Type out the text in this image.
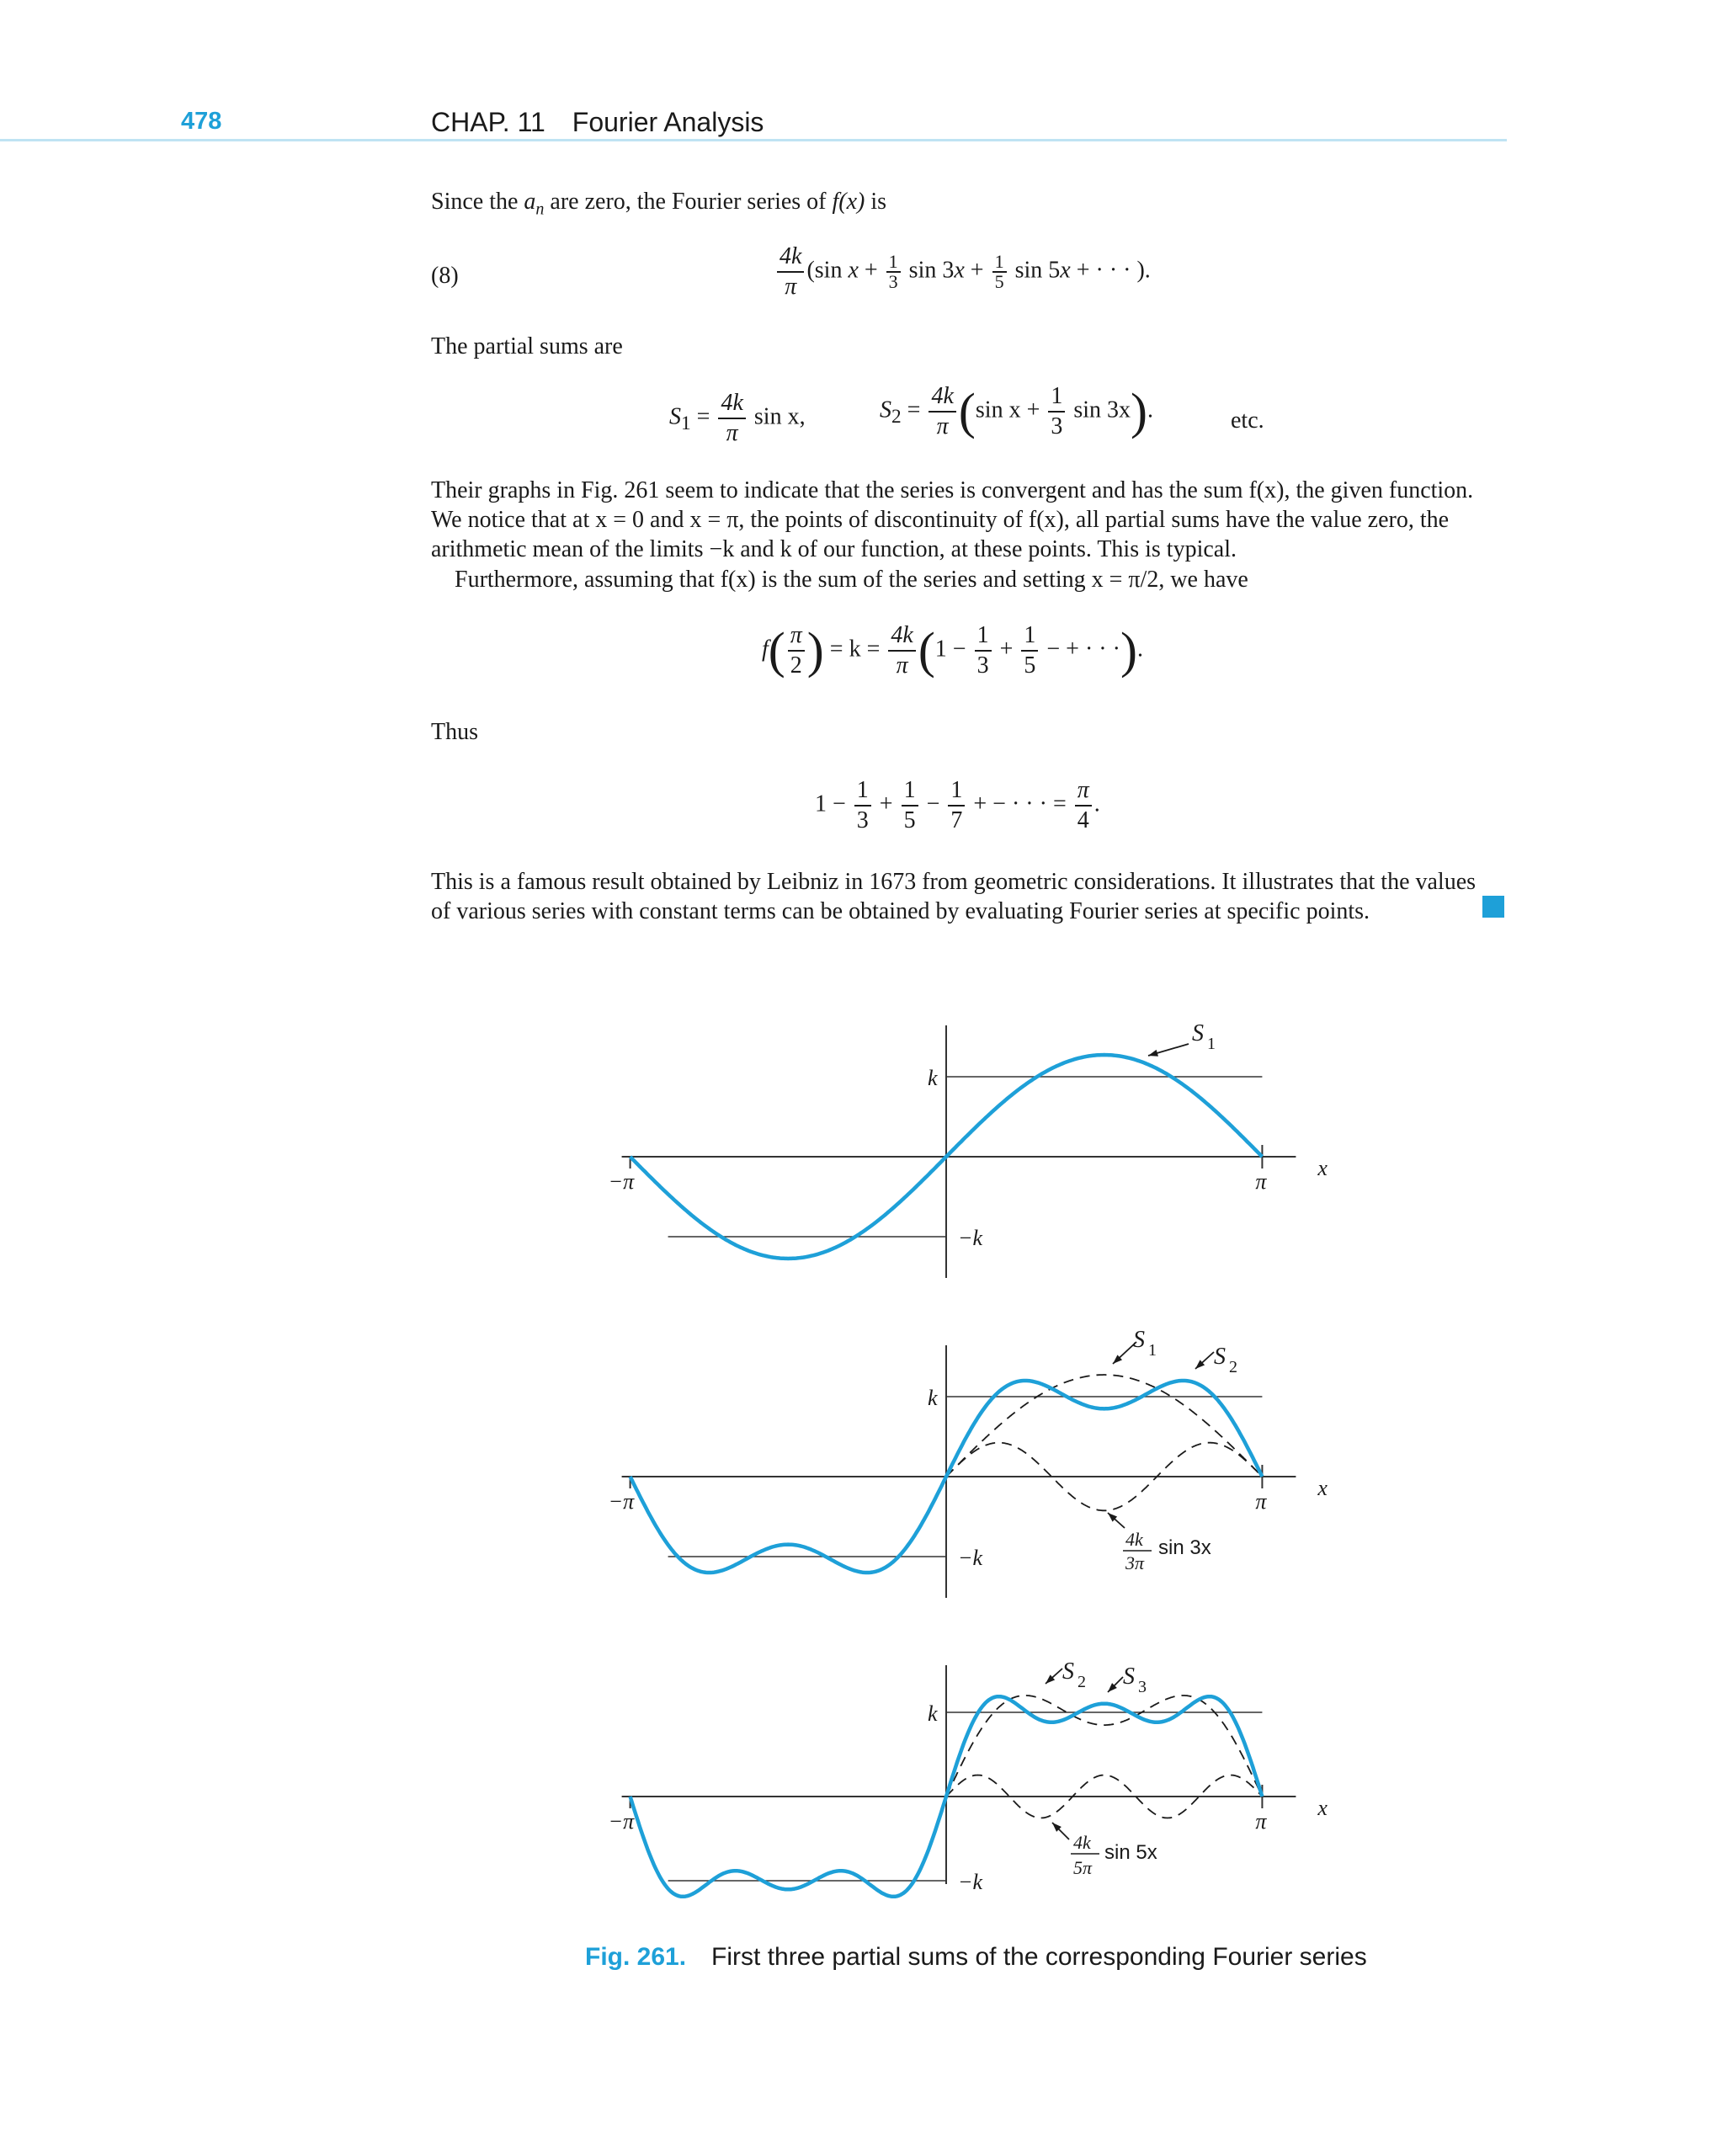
478	CHAP. 11 Fourier Analysis
Since the $a_n$ are zero, the Fourier series of f(x) is
(8)	$\frac{4k}{\pi} (\sin$ $x + \frac{1}{3}$ $\sin 3x + \frac{1}{5}$ sin 5x + · · · ).
The partial sums are
$S_1 = \frac{4k}{\pi}$ sin x,	$S_2 = \frac{4k}{\pi} (\sin$ $x + \frac{1}{3}$ sin 3x).	etc.
Their graphs in Fig. 261 seem to indicate that the series is convergent and has the sum f(x), the given function.
We notice that at x = 0 and x = π, the points of discontinuity of f(x), all partial sums have the value zero, the
arithmetic mean of the limits −k and k of our function, at these points. This is typical.
Furthermore, assuming that f(x) is the sum of the series and setting x = π/2, we have
$f( \frac{\pi}{2}$ ) = $k = \frac{4k}{\pi} (1 - \frac{1}{3} + \frac{1}{5}$ − + · · ·).
Thus
$1 - \frac{1}{3} + \frac{1}{5} - \frac{1}{7}$ + − · · · = $\frac{\pi}{4}$ .
This is a famous result obtained by Leibniz in 1673 from geometric considerations. It illustrates that the values
of various series with constant terms can be obtained by evaluating Fourier series at specific points.
k
−k
−π	π
x
k
−k
−π	π
x
k
−k
−π	π
x
S 1
S 1 S 2
4k
3π
sin 3x
S 2 S 3
4k
5π
sin 5x
Fig. 261. First three partial sums of the corresponding Fourier series
